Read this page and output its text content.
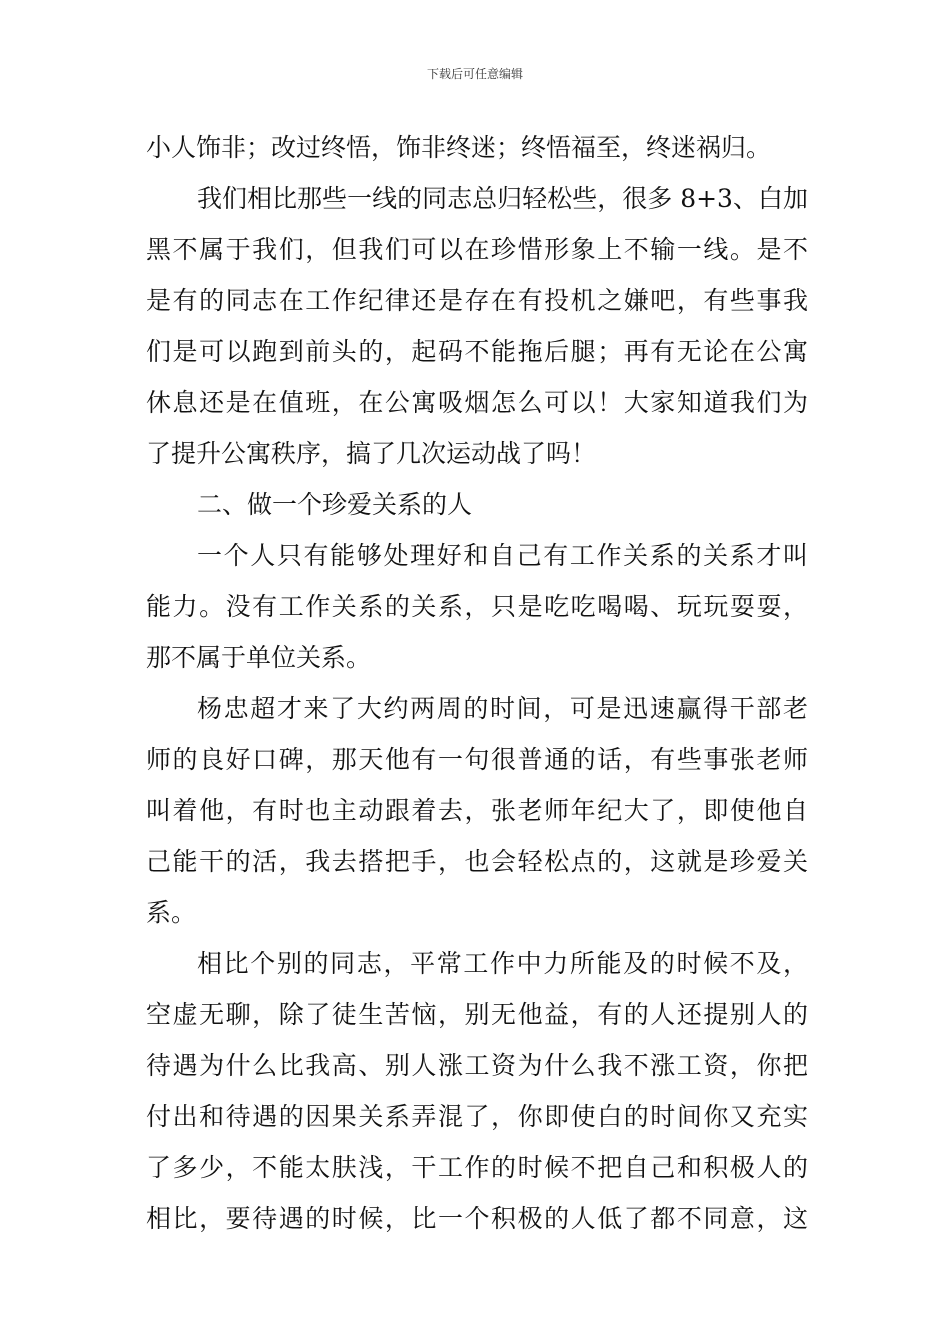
下载后可任意编辑
小人饰非；改过终悟，饰非终迷；终悟福至，终迷祸归。
我们相比那些一线的同志总归轻松些，很多 8+3、白加
黑不属于我们，但我们可以在珍惜形象上不输一线。是不
是有的同志在工作纪律还是存在有投机之嫌吧，有些事我
们是可以跑到前头的，起码不能拖后腿；再有无论在公寓
休息还是在值班，在公寓吸烟怎么可以！大家知道我们为
了提升公寓秩序，搞了几次运动战了吗！
二、做一个珍爱关系的人
一个人只有能够处理好和自己有工作关系的关系才叫
能力。没有工作关系的关系，只是吃吃喝喝、玩玩耍耍，
那不属于单位关系。
杨忠超才来了大约两周的时间，可是迅速赢得干部老
师的良好口碑，那天他有一句很普通的话，有些事张老师
叫着他，有时也主动跟着去，张老师年纪大了，即使他自
己能干的活，我去搭把手，也会轻松点的，这就是珍爱关
系。
相比个别的同志，平常工作中力所能及的时候不及，
空虚无聊，除了徒生苦恼，别无他益，有的人还提别人的
待遇为什么比我高、别人涨工资为什么我不涨工资，你把
付出和待遇的因果关系弄混了，你即使白的时间你又充实
了多少，不能太肤浅，干工作的时候不把自己和积极人的
相比，要待遇的时候，比一个积极的人低了都不同意，这
